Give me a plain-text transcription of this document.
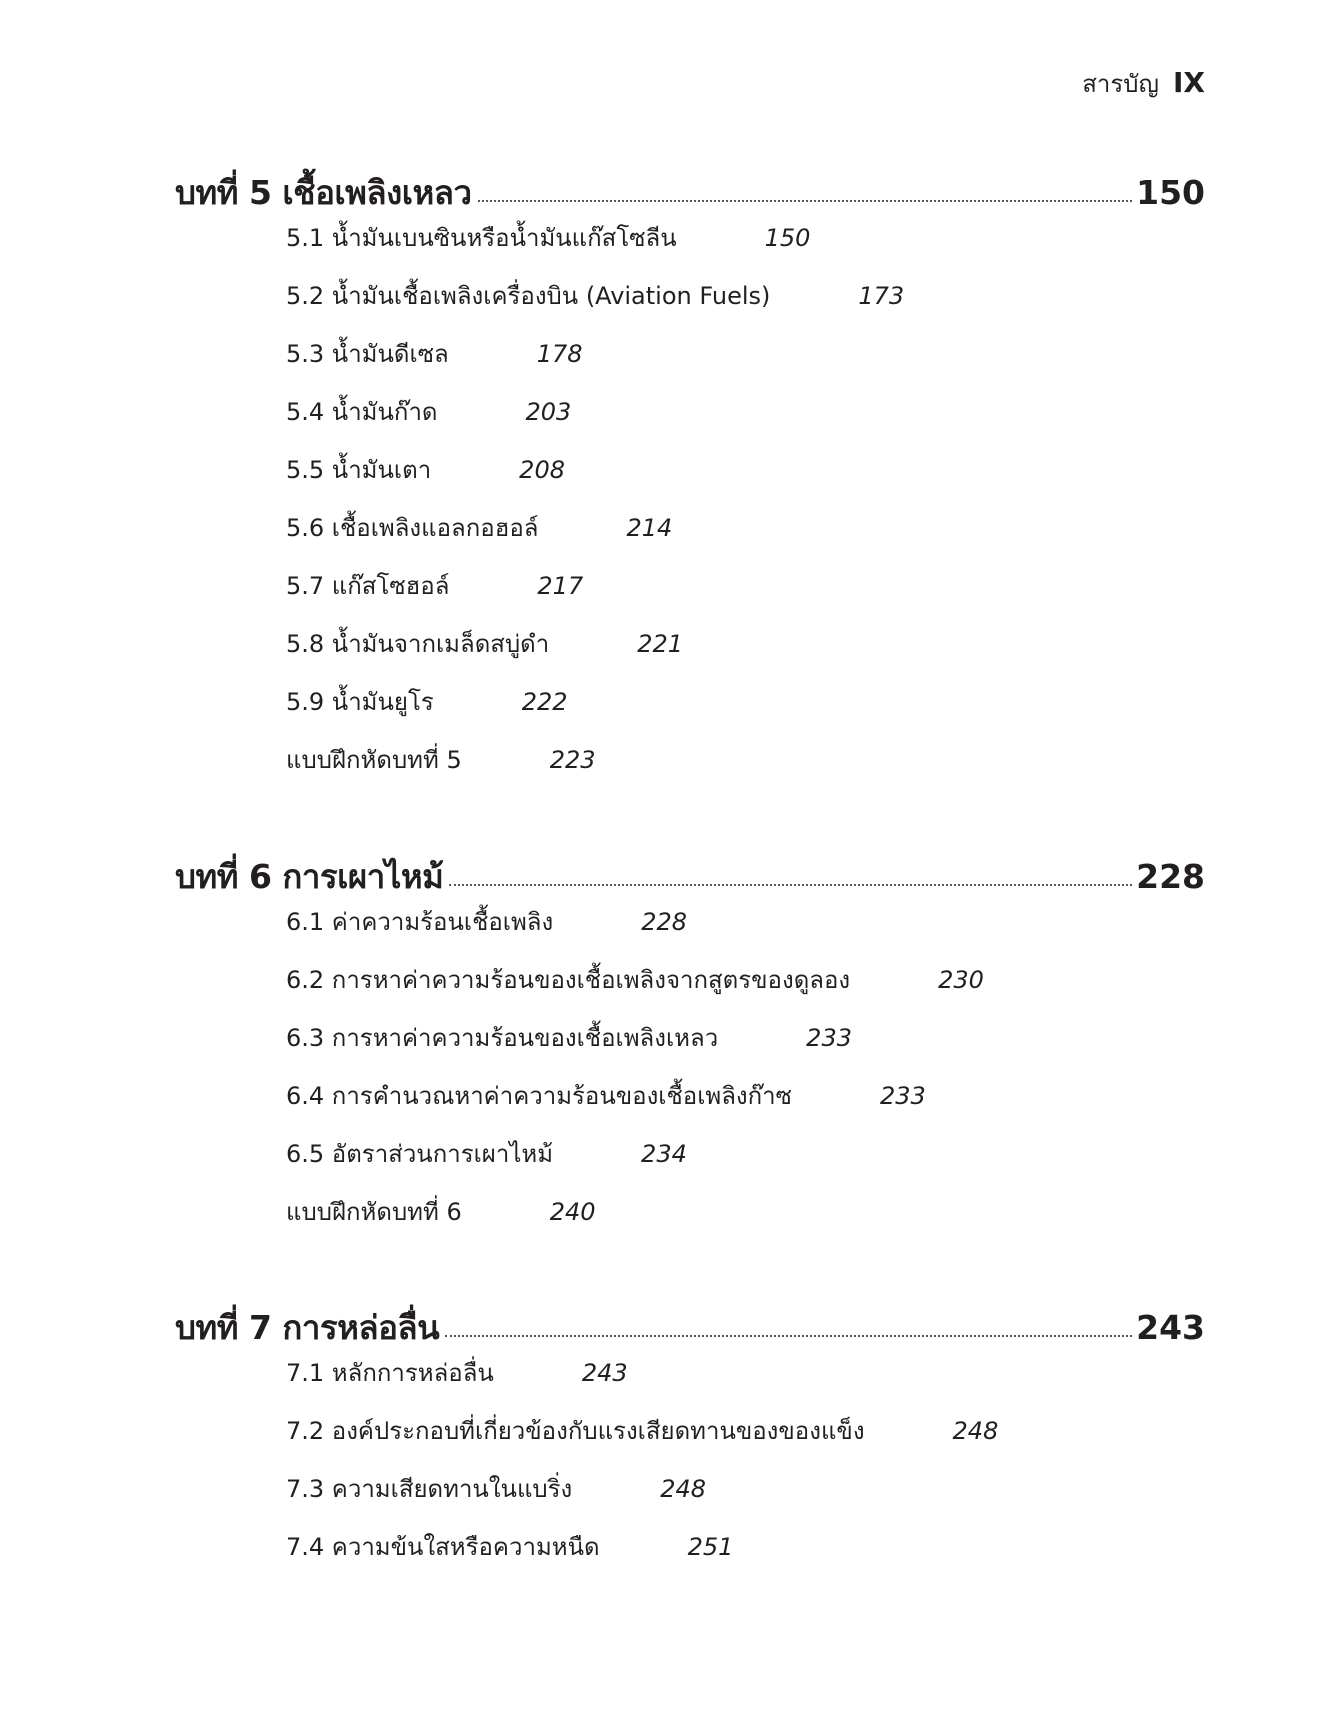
สารบัญ IX
บทที่ 5 เชื้อเพลิงเหลว	150
5.1 น้ำมันเบนซินหรือน้ำมันแก๊สโซลีน	150
5.2 น้ำมันเชื้อเพลิงเครื่องบิน (Aviation Fuels)	173
5.3 น้ำมันดีเซล	178
5.4 น้ำมันก๊าด	203
5.5 น้ำมันเตา	208
5.6 เชื้อเพลิงแอลกอฮอล์	214
5.7 แก๊สโซฮอล์	217
5.8 น้ำมันจากเมล็ดสบู่ดำ	221
5.9 น้ำมันยูโร	222
แบบฝึกหัดบทที่ 5	223
บทที่ 6 การเผาไหม้	228
6.1 ค่าความร้อนเชื้อเพลิง	228
6.2 การหาค่าความร้อนของเชื้อเพลิงจากสูตรของดูลอง	230
6.3 การหาค่าความร้อนของเชื้อเพลิงเหลว	233
6.4 การคำนวณหาค่าความร้อนของเชื้อเพลิงก๊าซ	233
6.5 อัตราส่วนการเผาไหม้	234
แบบฝึกหัดบทที่ 6	240
บทที่ 7 การหล่อลื่น	243
7.1 หลักการหล่อลื่น	243
7.2 องค์ประกอบที่เกี่ยวข้องกับแรงเสียดทานของของแข็ง	248
7.3 ความเสียดทานในแบริ่ง	248
7.4 ความข้นใสหรือความหนืด	251
